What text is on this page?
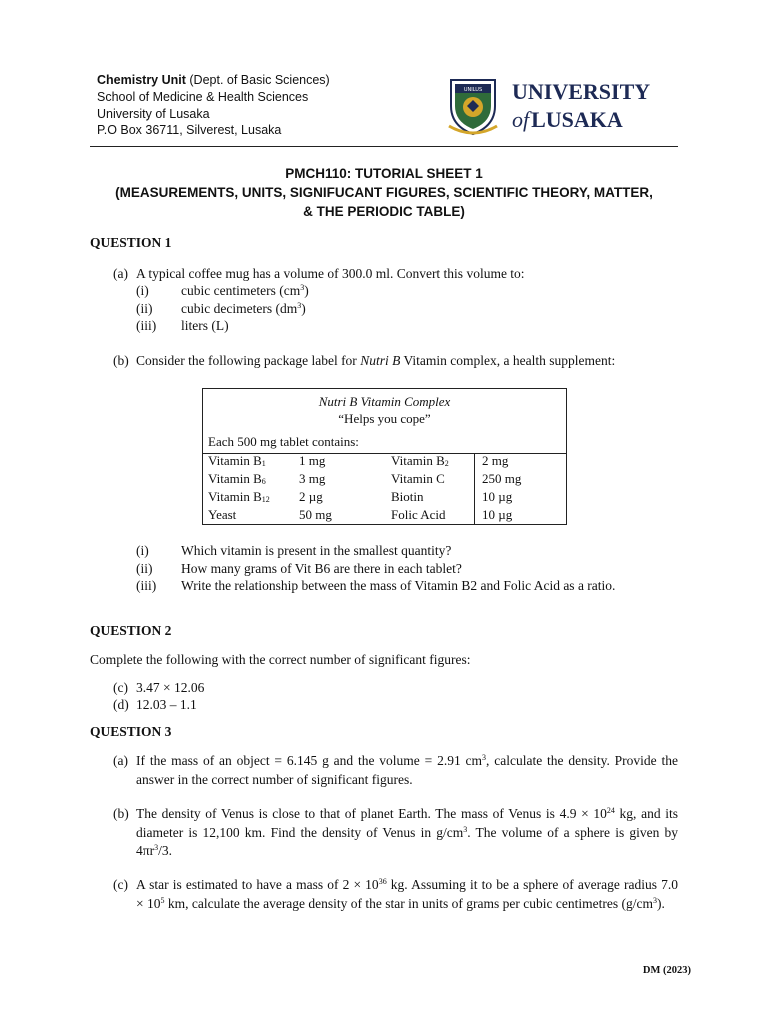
Chemistry Unit (Dept. of Basic Sciences)
School of Medicine & Health Sciences
University of Lusaka
P.O Box 36711, Silverest, Lusaka
UNILUS UNIVERSITY
ofLUSAKA
PMCH110: TUTORIAL SHEET 1
(MEASUREMENTS, UNITS, SIGNIFUCANT FIGURES, SCIENTIFIC THEORY, MATTER,
& THE PERIODIC TABLE)
QUESTION 1
(a) A typical coffee mug has a volume of 300.0 ml. Convert this volume to:
(i) cubic centimeters $(cm^3)$
(ii) cubic decimeters $(dm^3)$
(iii) liters (L)
(b) Consider the following package label for Nutri B Vitamin complex, a health supplement:
Nutri B Vitamin Complex
“Helps you cope”
Each 500 mg tablet contains:
Vitamin $B_1$	1 mg	Vitamin $B_2$	2 mg
Vitamin $B_6$	3 mg	Vitamin C	250 mg
Vitamin $B_{12}$ 2 µg	Biotin	10 µg
Yeast	50 mg	Folic Acid	10 µg
(i) Which vitamin is present in the smallest quantity?
(ii) How many grams of Vit B6 are there in each tablet?
(iii) Write the relationship between the mass of Vitamin B2 and Folic Acid as a ratio.
QUESTION 2
Complete the following with the correct number of significant figures:
(c) 3.47 × 12.06
(d) 12.03 – 1.1
QUESTION 3
(a) If the mass of an object = 6.145 g and the volume = 2.91 $cm^3$, calculate the density. Provide the
answer in the correct number of significant figures.
(b) The density of Venus is close to that of planet Earth. The mass of Venus is $4.9 \times 10^{24}$ kg, and its
diameter is 12,100 km. Find the density of Venus in $g/cm^3$. The volume of a sphere is given by
$4\pi r^3/3$.
(c) A star is estimated to have a mass of $2 \times 10^{36}$ kg. Assuming it to be a sphere of average radius 7.0
× $10^5$ km, calculate the average density of the star in units of grams per cubic centimetres $(g/cm^3)$.
DM (2023)
